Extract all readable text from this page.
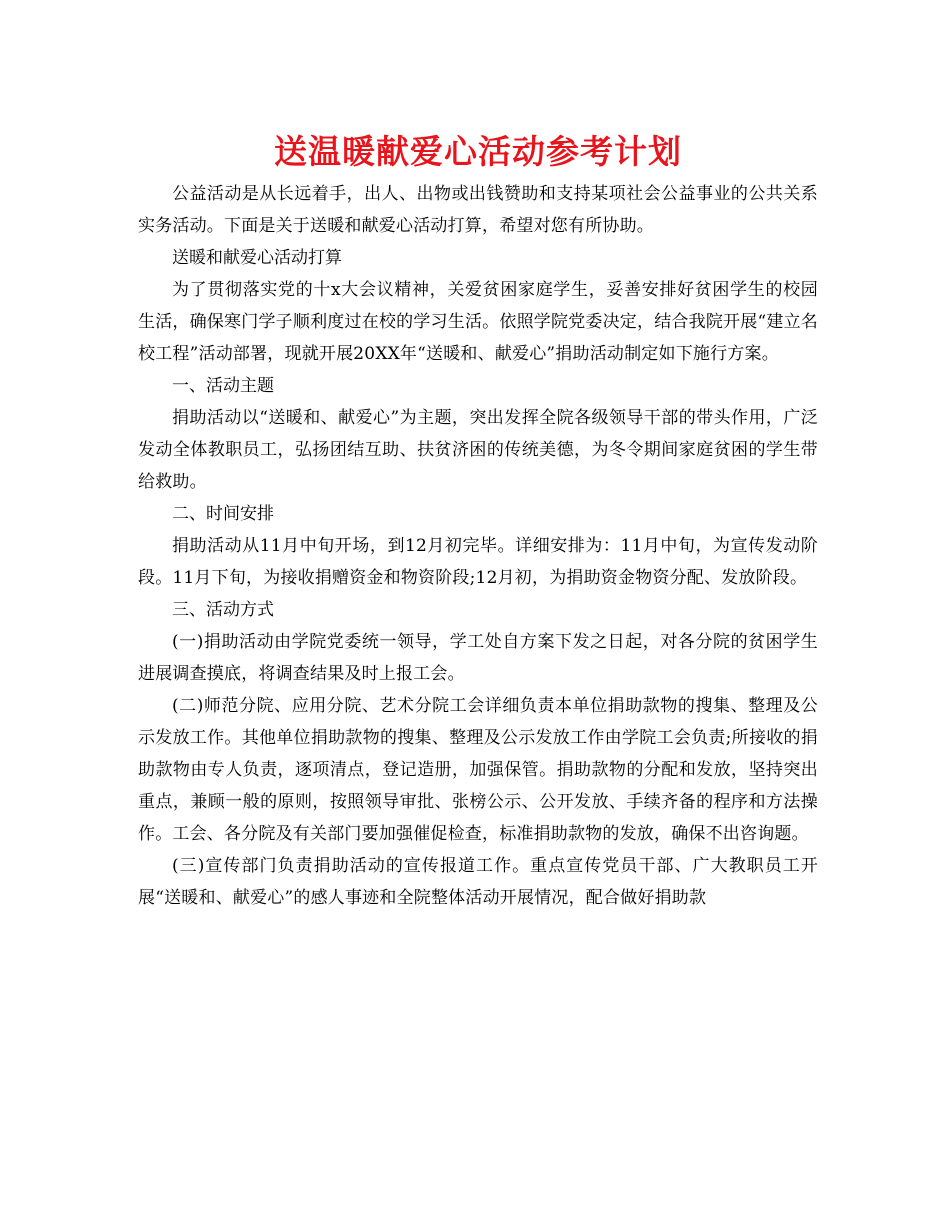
送温暖献爱心活动参考计划

公益活动是从长远着手，出人、出物或出钱赞助和支持某项社会公益事业的公共关系实务活动。下面是关于送暖和献爱心活动打算，希望对您有所协助。

送暖和献爱心活动打算

为了贯彻落实党的十x大会议精神，关爱贫困家庭学生，妥善安排好贫困学生的校园生活，确保寒门学子顺利度过在校的学习生活。依照学院党委决定，结合我院开展“建立名校工程”活动部署，现就开展20XX年“送暖和、献爱心”捐助活动制定如下施行方案。

一、活动主题

捐助活动以“送暖和、献爱心”为主题，突出发挥全院各级领导干部的带头作用，广泛发动全体教职员工，弘扬团结互助、扶贫济困的传统美德，为冬令期间家庭贫困的学生带给救助。

二、时间安排

捐助活动从11月中旬开场，到12月初完毕。详细安排为：11月中旬，为宣传发动阶段。11月下旬，为接收捐赠资金和物资阶段;12月初，为捐助资金物资分配、发放阶段。

三、活动方式

(一)捐助活动由学院党委统一领导，学工处自方案下发之日起，对各分院的贫困学生进展调查摸底，将调查结果及时上报工会。

(二)师范分院、应用分院、艺术分院工会详细负责本单位捐助款物的搜集、整理及公示发放工作。其他单位捐助款物的搜集、整理及公示发放工作由学院工会负责;所接收的捐助款物由专人负责，逐项清点，登记造册，加强保管。捐助款物的分配和发放，坚持突出重点，兼顾一般的原则，按照领导审批、张榜公示、公开发放、手续齐备的程序和方法操作。工会、各分院及有关部门要加强催促检查，标准捐助款物的发放，确保不出咨询题。

(三)宣传部门负责捐助活动的宣传报道工作。重点宣传党员干部、广大教职员工开展“送暖和、献爱心”的感人事迹和全院整体活动开展情况，配合做好捐助款
